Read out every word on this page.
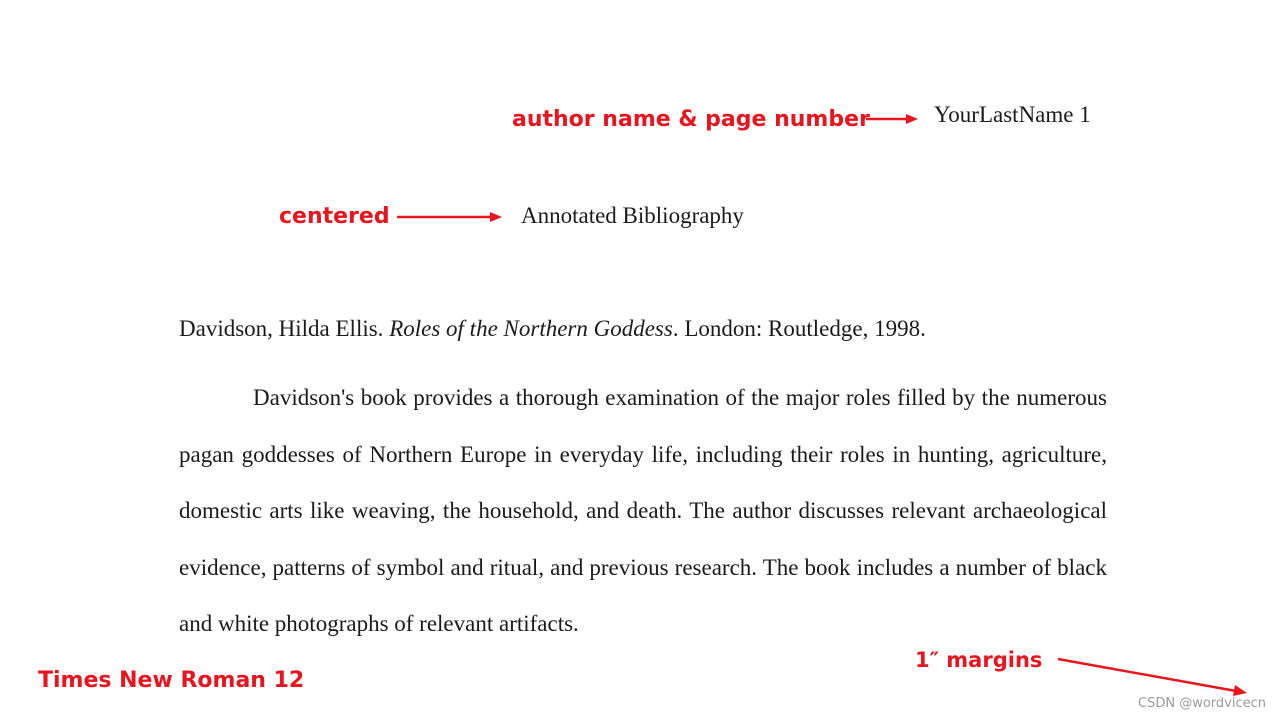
YourLastName 1
Annotated Bibliography
Davidson, Hilda Ellis. Roles of the Northern Goddess. London: Routledge, 1998.

Davidson's book provides a thorough examination of the major roles filled by the numerous pagan goddesses of Northern Europe in everyday life, including their roles in hunting, agriculture, domestic arts like weaving, the household, and death. The author discusses relevant archaeological evidence, patterns of symbol and ritual, and previous research. The book includes a number of black and white photographs of relevant artifacts.

author name & page number
centered
1″ margins
Times New Roman 12
CSDN @wordvicecn
